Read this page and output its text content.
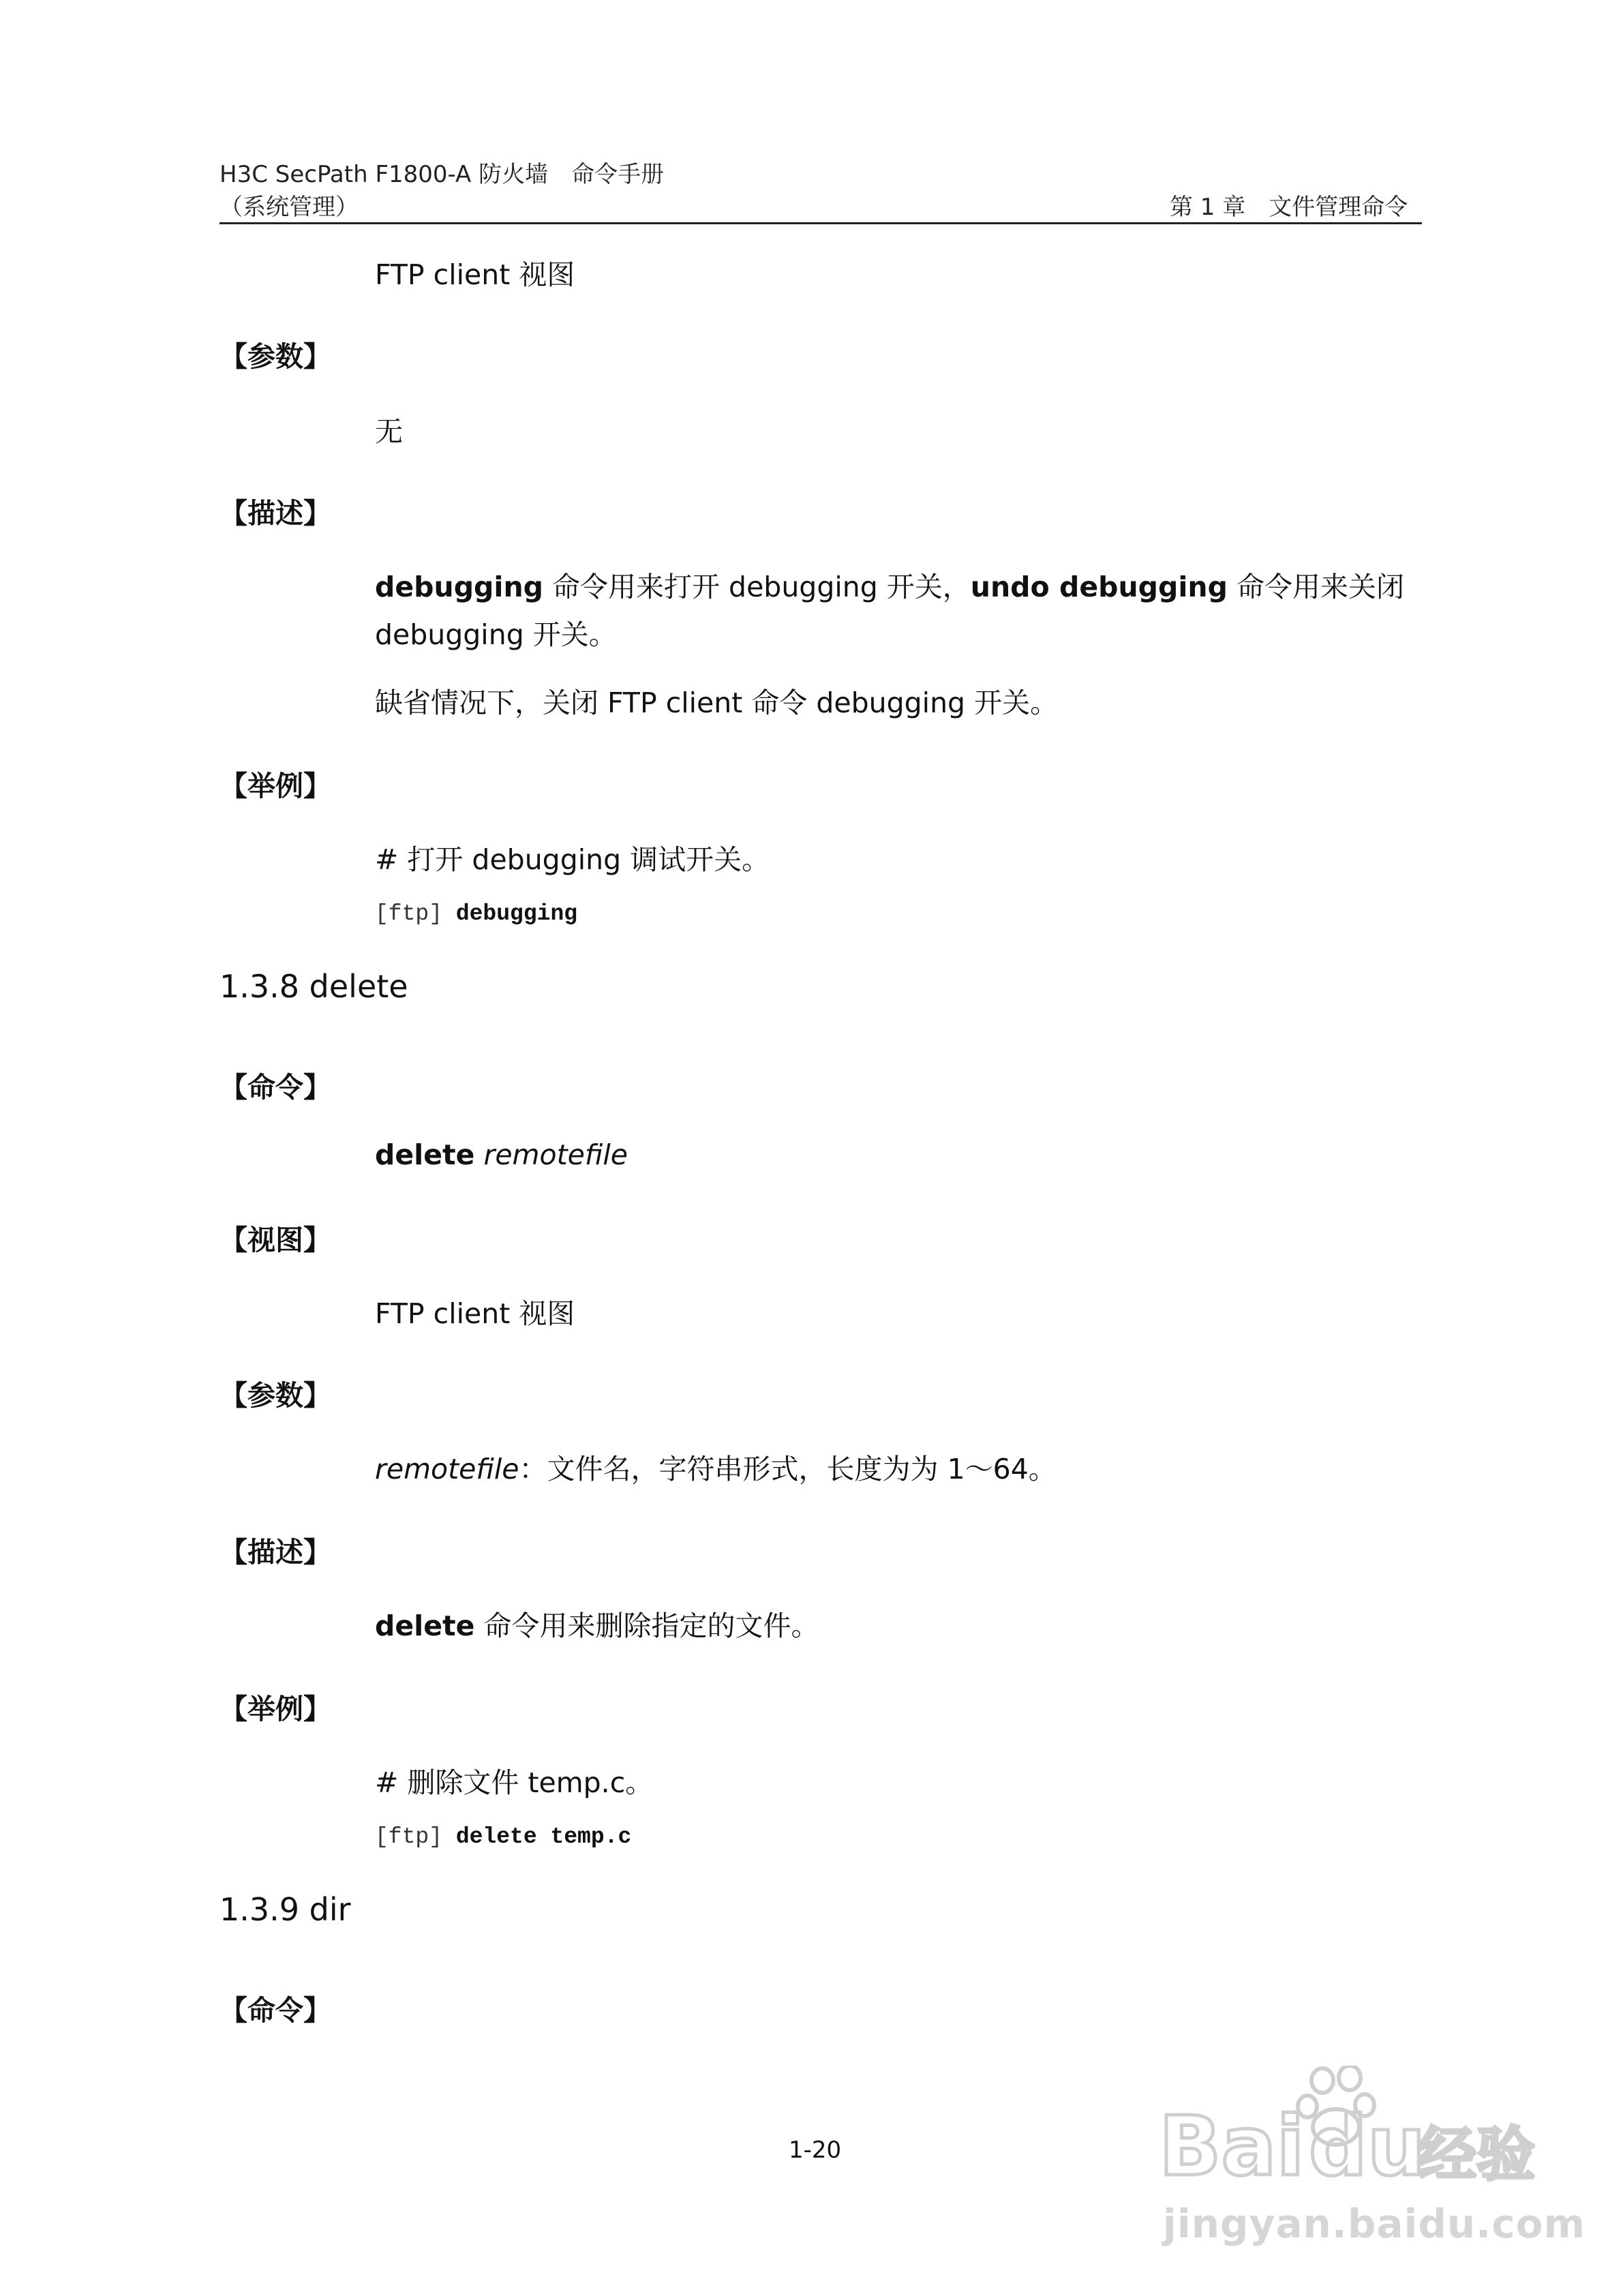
H3C SecPath F1800-A 防火墙　命令手册
（系统管理）	第 1 章　文件管理命令
FTP client 视图
【参数】
无
【描述】
debugging 命令用来打开 debugging 开关，undo debugging 命令用来关闭
debugging 开关。
缺省情况下，关闭 FTP client 命令 debugging 开关。
【举例】
# 打开 debugging 调试开关。
[ftp] debugging
1.3.8 delete
【命令】
delete remotefile
【视图】
FTP client 视图
【参数】
remotefile：文件名，字符串形式，长度为为 1～64。
【描述】
delete 命令用来删除指定的文件。
【举例】
# 删除文件 temp.c。
[ftp] delete temp.c
1.3.9 dir
【命令】
1-20	Bai du
经验
jingyan.baidu.com
